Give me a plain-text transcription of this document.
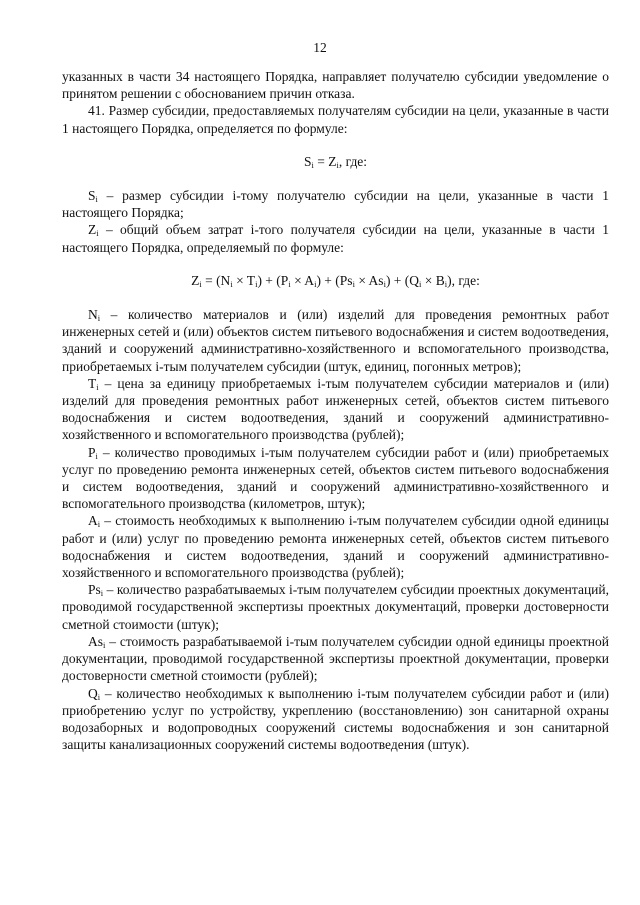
12

указанных в части 34 настоящего Порядка, направляет получателю субсидии уведомление о принятом решении с обоснованием причин отказа.

41. Размер субсидии, предоставляемых получателям субсидии на цели, указанные в части 1 настоящего Порядка, определяется по формуле:

$S_i = Z_i$, где:

$S_i$ – размер субсидии i-тому получателю субсидии на цели, указанные в части 1 настоящего Порядка;

$Z_i$ – общий объем затрат i-того получателя субсидии на цели, указанные в части 1 настоящего Порядка, определяемый по формуле:

$Z_i = (N_i \times T_i) + (P_i \times A_i) + (Ps_i \times As_i) + (Q_i \times B_i)$, где:

$N_i$ – количество материалов и (или) изделий для проведения ремонтных работ инженерных сетей и (или) объектов систем питьевого водоснабжения и систем водоотведения, зданий и сооружений административно-хозяйственного и вспомогательного производства, приобретаемых i-тым получателем субсидии (штук, единиц, погонных метров);

$T_i$ – цена за единицу приобретаемых i-тым получателем субсидии материалов и (или) изделий для проведения ремонтных работ инженерных сетей, объектов систем питьевого водоснабжения и систем водоотведения, зданий и сооружений административно-хозяйственного и вспомогательного производства (рублей);

$P_i$ – количество проводимых i-тым получателем субсидии работ и (или) приобретаемых услуг по проведению ремонта инженерных сетей, объектов систем питьевого водоснабжения и систем водоотведения, зданий и сооружений административно-хозяйственного и вспомогательного производства (километров, штук);

$A_i$ – стоимость необходимых к выполнению i-тым получателем субсидии одной единицы работ и (или) услуг по проведению ремонта инженерных сетей, объектов систем питьевого водоснабжения и систем водоотведения, зданий и сооружений административно-хозяйственного и вспомогательного производства (рублей);

$Ps_i$ – количество разрабатываемых i-тым получателем субсидии проектных документаций, проводимой государственной экспертизы проектных документаций, проверки достоверности сметной стоимости (штук);

$As_i$ – стоимость разрабатываемой i-тым получателем субсидии одной единицы проектной документации, проводимой государственной экспертизы проектной документации, проверки достоверности сметной стоимости (рублей);

$Q_i$ – количество необходимых к выполнению i-тым получателем субсидии работ и (или) приобретению услуг по устройству, укреплению (восстановлению) зон санитарной охраны водозаборных и водопроводных сооружений системы водоснабжения и зон санитарной защиты канализационных сооружений системы водоотведения (штук).
